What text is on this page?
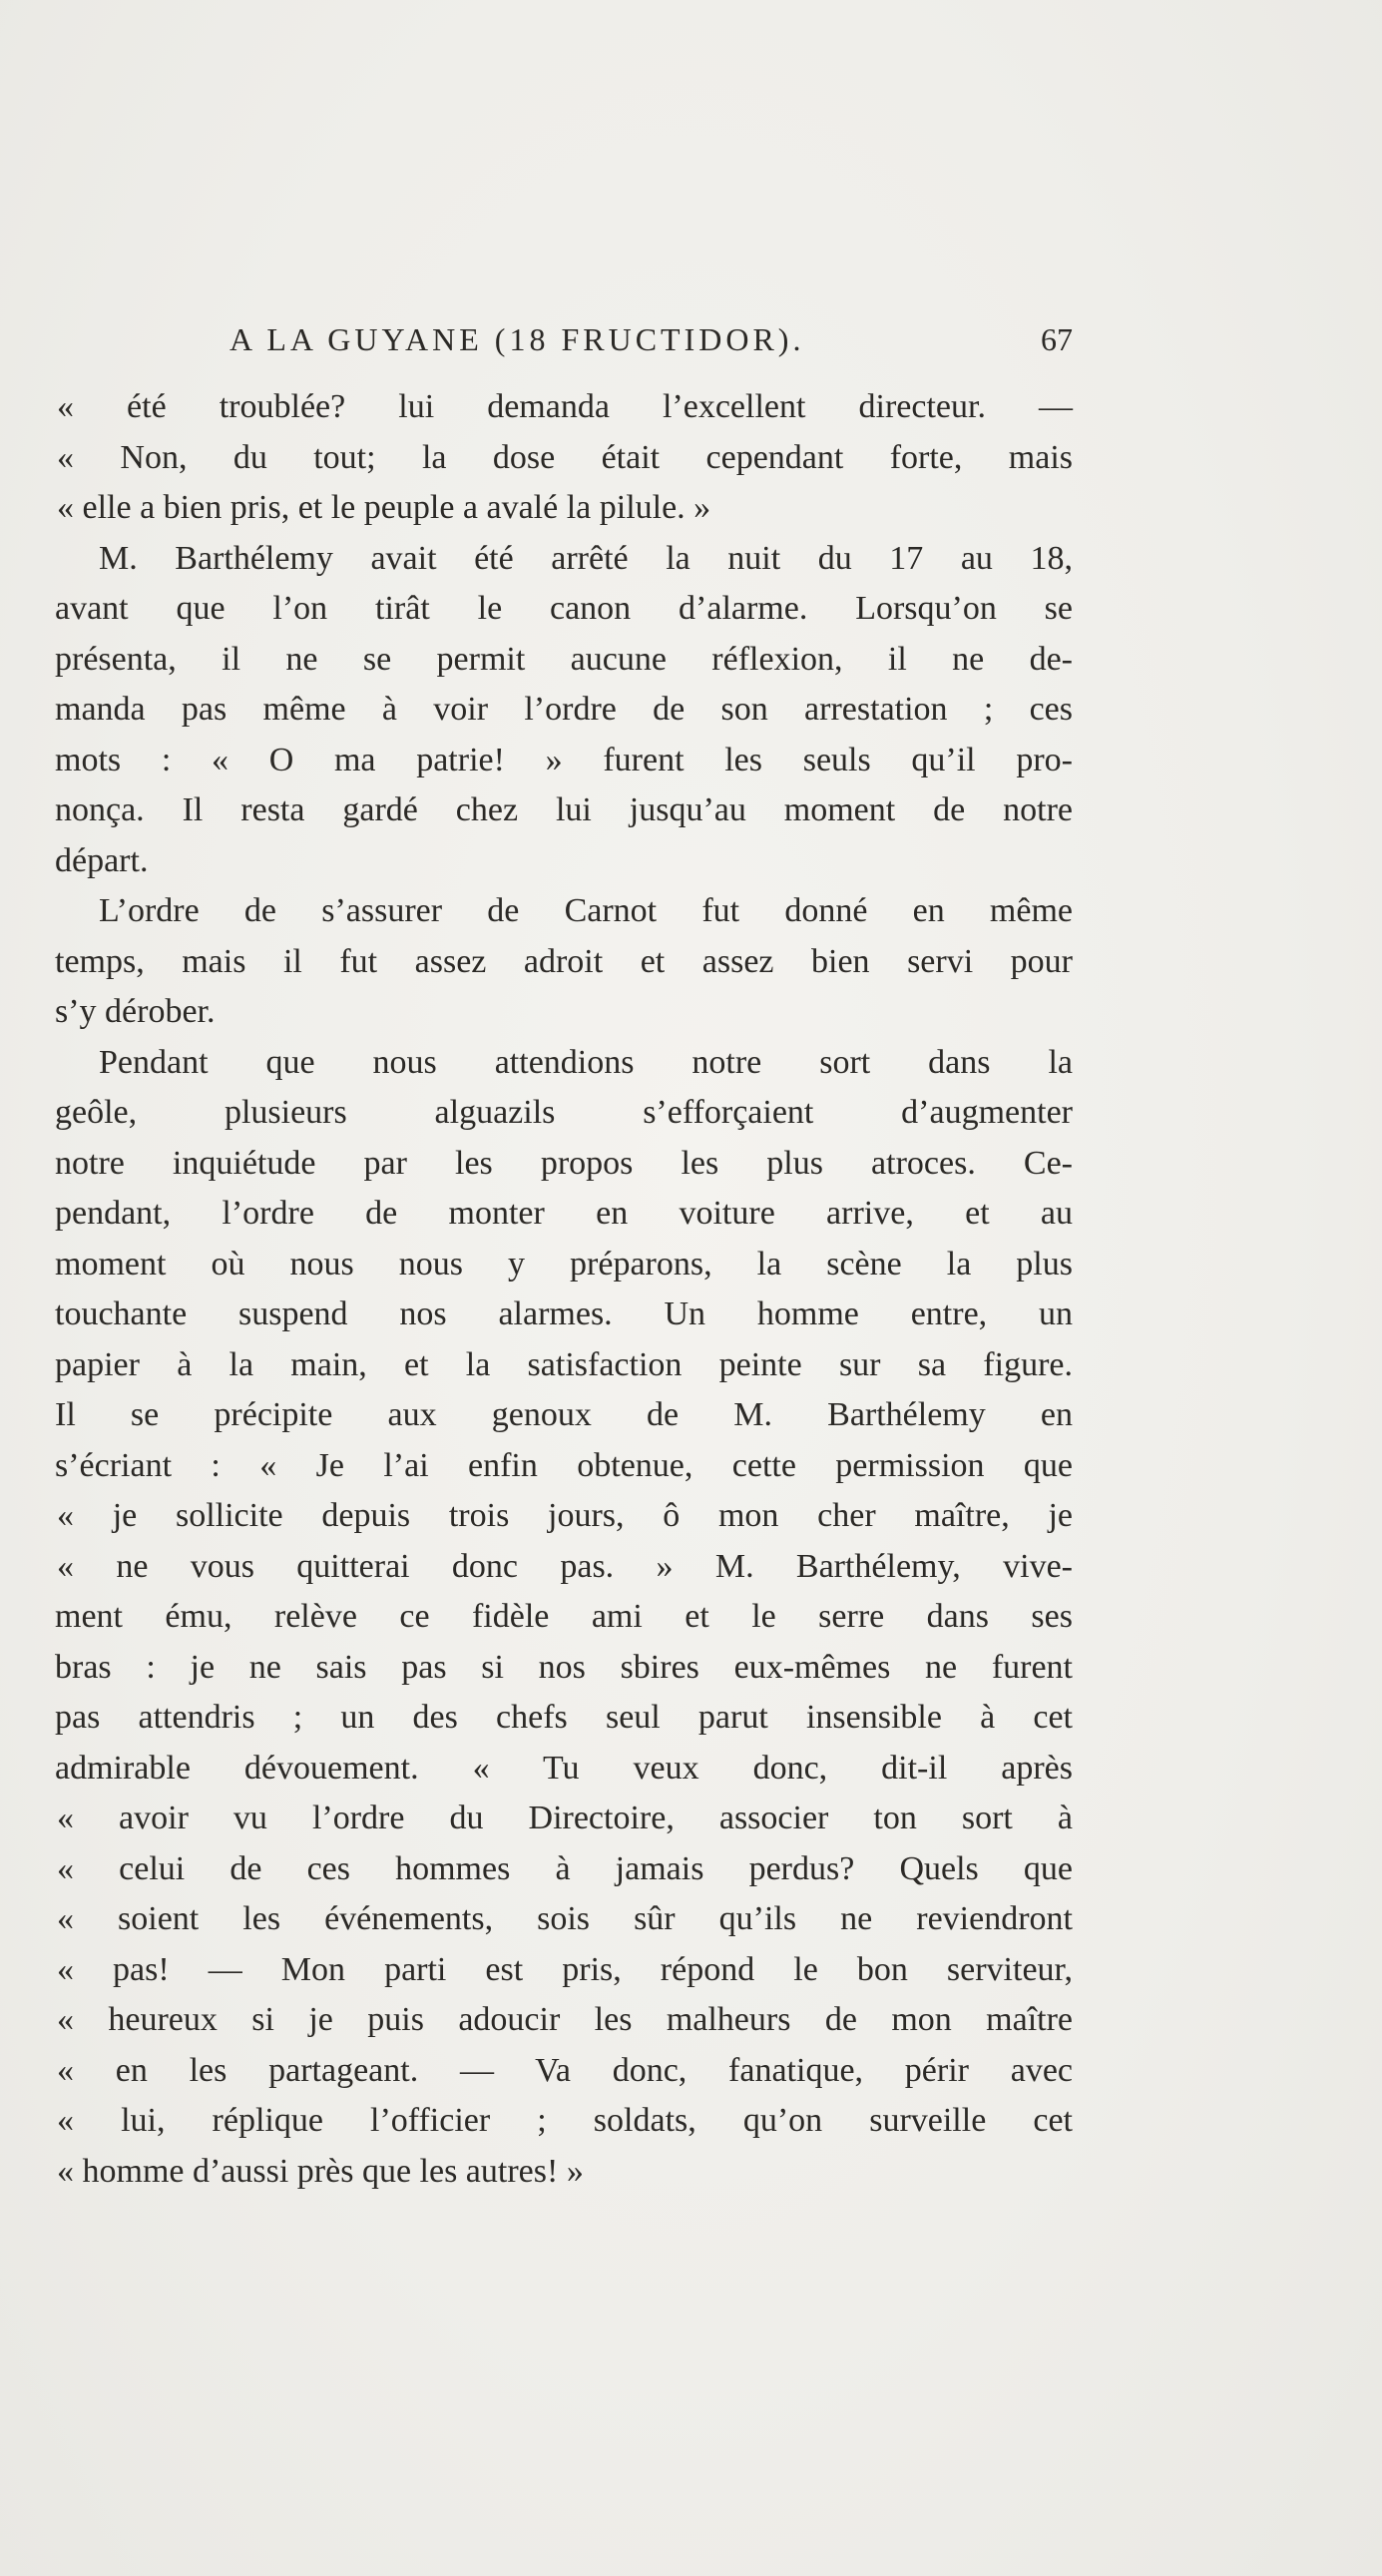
A LA GUYANE (18 FRUCTIDOR).	67
« été troublée? lui demanda l’excellent directeur. —
« Non, du tout; la dose était cependant forte, mais
« elle a bien pris, et le peuple a avalé la pilule. »
M. Barthélemy avait été arrêté la nuit du 17 au 18,
avant que l’on tirât le canon d’alarme. Lorsqu’on se
présenta, il ne se permit aucune réflexion, il ne de-
manda pas même à voir l’ordre de son arrestation ; ces
mots : « O ma patrie! » furent les seuls qu’il pro-
nonça. Il resta gardé chez lui jusqu’au moment de notre
départ.
L’ordre de s’assurer de Carnot fut donné en même
temps, mais il fut assez adroit et assez bien servi pour
s’y dérober.
Pendant que nous attendions notre sort dans la
geôle, plusieurs alguazils s’efforçaient d’augmenter
notre inquiétude par les propos les plus atroces. Ce-
pendant, l’ordre de monter en voiture arrive, et au
moment où nous nous y préparons, la scène la plus
touchante suspend nos alarmes. Un homme entre, un
papier à la main, et la satisfaction peinte sur sa figure.
Il se précipite aux genoux de M. Barthélemy en
s’écriant : « Je l’ai enfin obtenue, cette permission que
« je sollicite depuis trois jours, ô mon cher maître, je
« ne vous quitterai donc pas. » M. Barthélemy, vive-
ment ému, relève ce fidèle ami et le serre dans ses
bras : je ne sais pas si nos sbires eux-mêmes ne furent
pas attendris ; un des chefs seul parut insensible à cet
admirable dévouement. « Tu veux donc, dit-il après
« avoir vu l’ordre du Directoire, associer ton sort à
« celui de ces hommes à jamais perdus? Quels que
« soient les événements, sois sûr qu’ils ne reviendront
« pas! — Mon parti est pris, répond le bon serviteur,
« heureux si je puis adoucir les malheurs de mon maître
« en les partageant. — Va donc, fanatique, périr avec
« lui, réplique l’officier ; soldats, qu’on surveille cet
« homme d’aussi près que les autres! »
